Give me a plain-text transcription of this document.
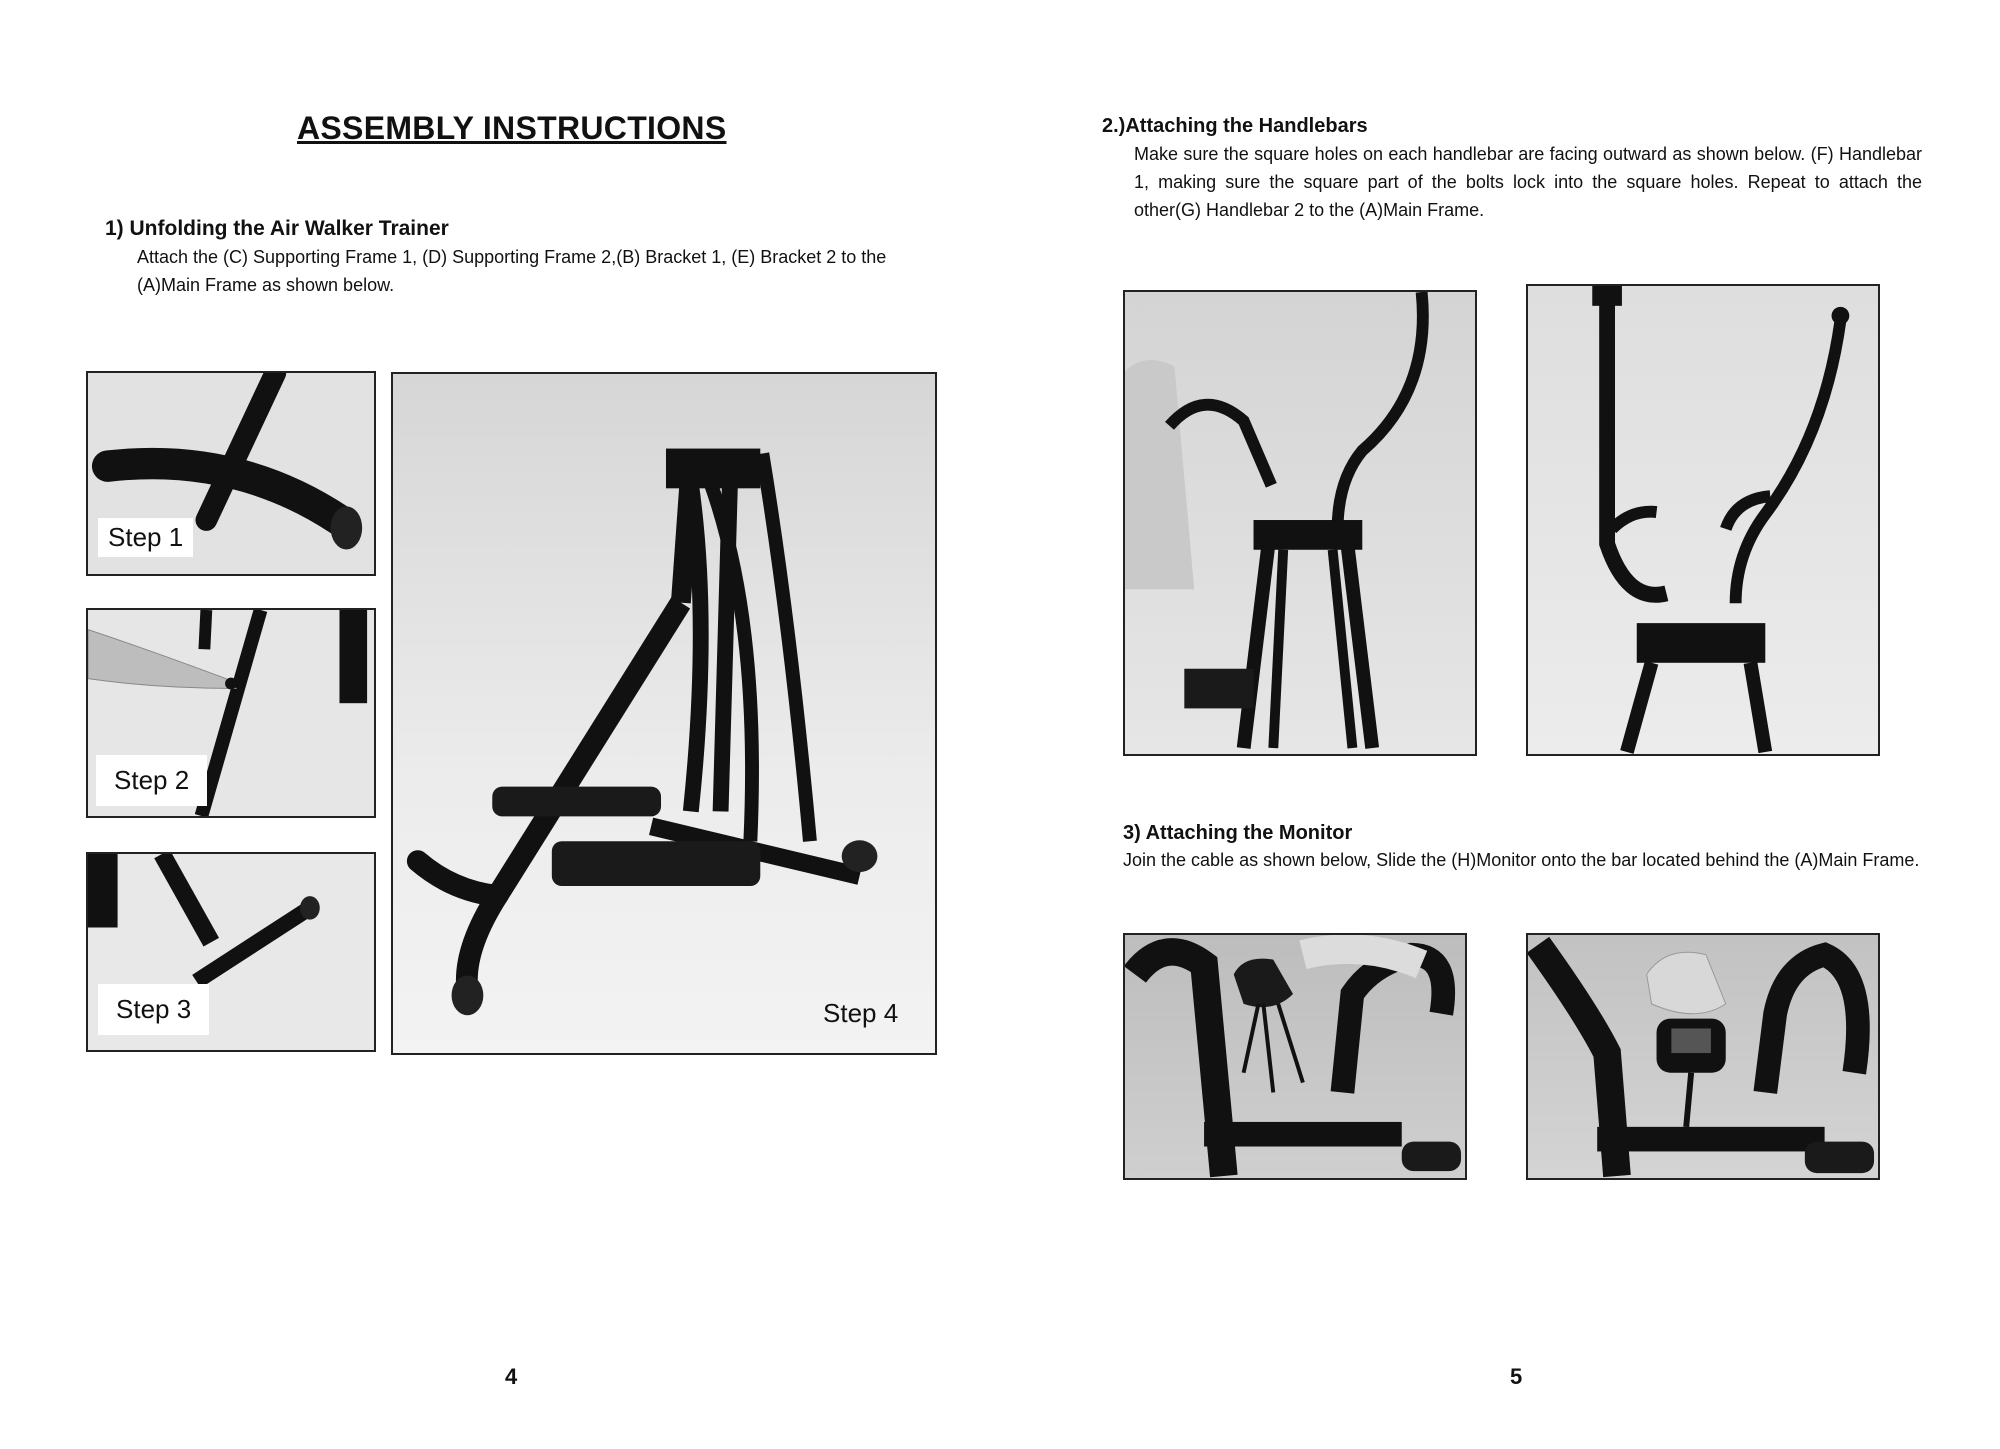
ASSEMBLY INSTRUCTIONS
1) Unfolding the Air Walker Trainer
Attach the (C) Supporting Frame 1, (D) Supporting Frame 2,(B) Bracket 1, (E) Bracket 2 to the
(A)Main Frame as shown below.
Step 1
Step 2
Step 3	Step 4
4
2.)Attaching the Handlebars
Make sure the square holes on each handlebar are facing outward as shown below. (F) Handlebar 1, making sure the square part of the bolts lock into the square holes. Repeat to attach the other(G) Handlebar 2 to the (A)Main Frame.
3) Attaching the Monitor
Join the cable as shown below, Slide the (H)Monitor onto the bar located behind the (A)Main Frame.
5
